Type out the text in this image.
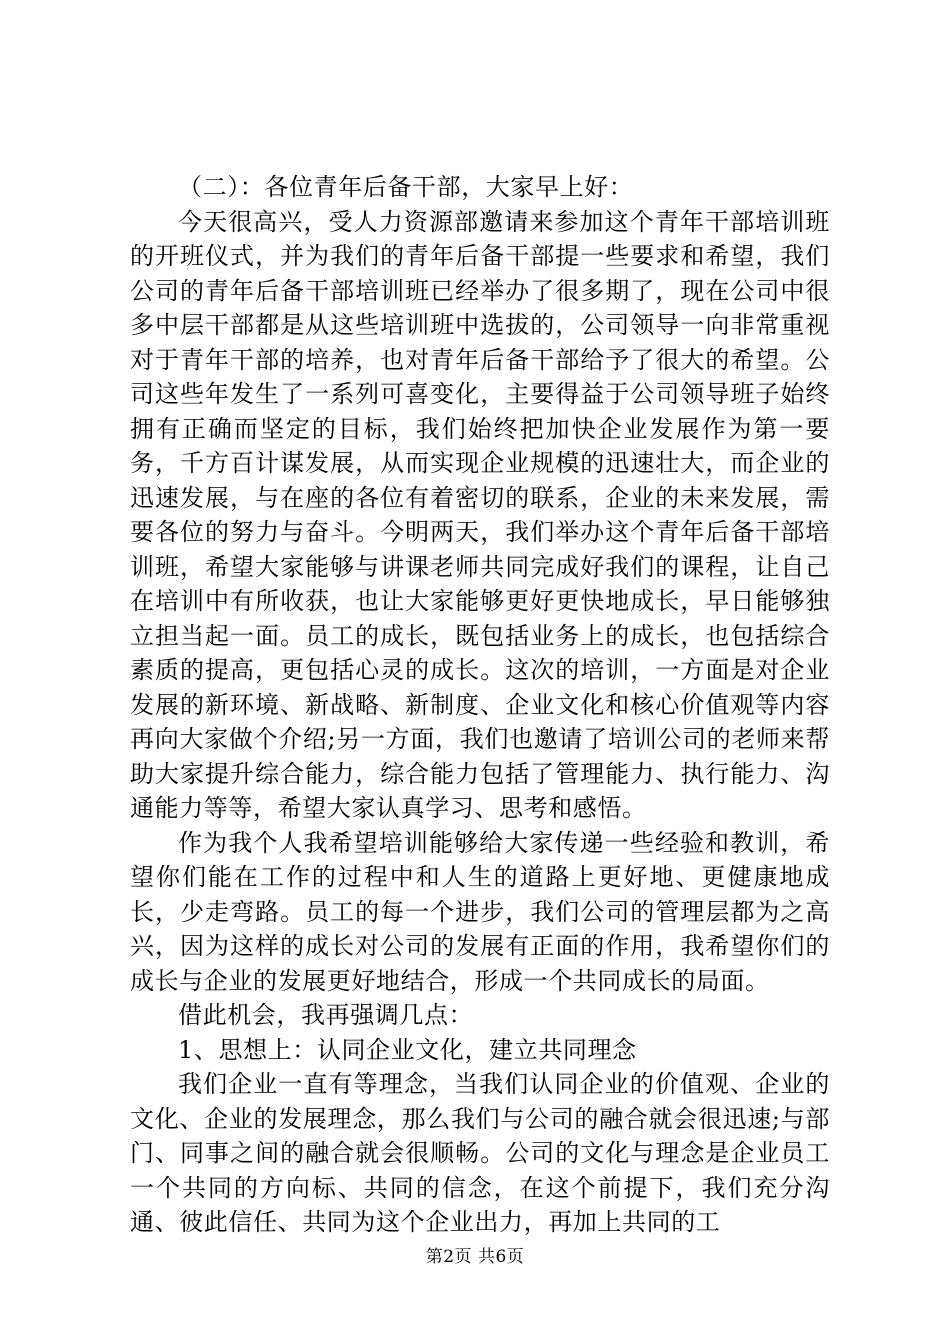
（二）：各位青年后备干部，大家早上好：

今天很高兴，受人力资源部邀请来参加这个青年干部培训班的开班仪式，并为我们的青年后备干部提一些要求和希望，我们公司的青年后备干部培训班已经举办了很多期了，现在公司中很多中层干部都是从这些培训班中选拔的，公司领导一向非常重视对于青年干部的培养，也对青年后备干部给予了很大的希望。公司这些年发生了一系列可喜变化，主要得益于公司领导班子始终拥有正确而坚定的目标，我们始终把加快企业发展作为第一要务，千方百计谋发展，从而实现企业规模的迅速壮大，而企业的迅速发展，与在座的各位有着密切的联系，企业的未来发展，需要各位的努力与奋斗。今明两天，我们举办这个青年后备干部培训班，希望大家能够与讲课老师共同完成好我们的课程，让自己在培训中有所收获，也让大家能够更好更快地成长，早日能够独立担当起一面。员工的成长，既包括业务上的成长，也包括综合素质的提高，更包括心灵的成长。这次的培训，一方面是对企业发展的新环境、新战略、新制度、企业文化和核心价值观等内容再向大家做个介绍;另一方面，我们也邀请了培训公司的老师来帮助大家提升综合能力，综合能力包括了管理能力、执行能力、沟通能力等等，希望大家认真学习、思考和感悟。

作为我个人我希望培训能够给大家传递一些经验和教训，希望你们能在工作的过程中和人生的道路上更好地、更健康地成长，少走弯路。员工的每一个进步，我们公司的管理层都为之高兴，因为这样的成长对公司的发展有正面的作用，我希望你们的成长与企业的发展更好地结合，形成一个共同成长的局面。

借此机会，我再强调几点：

1、思想上：认同企业文化，建立共同理念

我们企业一直有等理念，当我们认同企业的价值观、企业的文化、企业的发展理念，那么我们与公司的融合就会很迅速;与部门、同事之间的融合就会很顺畅。公司的文化与理念是企业员工一个共同的方向标、共同的信念，在这个前提下，我们充分沟通、彼此信任、共同为这个企业出力，再加上共同的工

第2页 共6页
